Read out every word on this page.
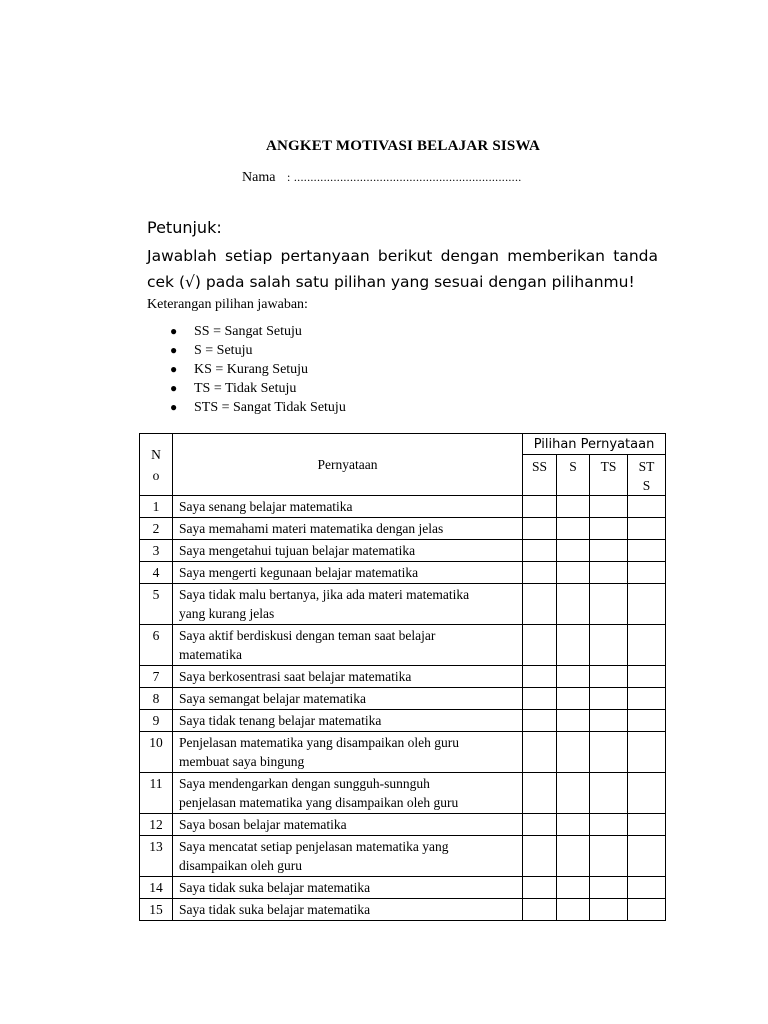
ANGKET MOTIVASI BELAJAR SISWA
Nama : .....................................................................
Petunjuk:
Jawablah setiap pertanyaan berikut dengan memberikan tanda cek (√) pada salah satu pilihan yang sesuai dengan pilihanmu!
Keterangan pilihan jawaban:
● SS = Sangat Setuju
● S = Setuju
● KS = Kurang Setuju
● TS = Tidak Setuju
● STS = Sangat Tidak Setuju
N
o	Pernyataan	Pilihan Pernyataan			
		SS	S	TS	ST
S

1	Saya senang belajar matematika				

2	Saya memahami materi matematika dengan jelas				

3	Saya mengetahui tujuan belajar matematika				

4	Saya mengerti kegunaan belajar matematika				

5	Saya tidak malu bertanya, jika ada materi matematika
yang kurang jelas				

6	Saya aktif berdiskusi dengan teman saat belajar
matematika				

7	Saya berkosentrasi saat belajar matematika				

8	Saya semangat belajar matematika				

9	Saya tidak tenang belajar matematika				

10	Penjelasan matematika yang disampaikan oleh guru
membuat saya bingung				

11	Saya mendengarkan dengan sungguh-sunnguh
penjelasan matematika yang disampaikan oleh guru				

12	Saya bosan belajar matematika				

13	Saya mencatat setiap penjelasan matematika yang
disampaikan oleh guru				

14	Saya tidak suka belajar matematika				

15	Saya tidak suka belajar matematika				
